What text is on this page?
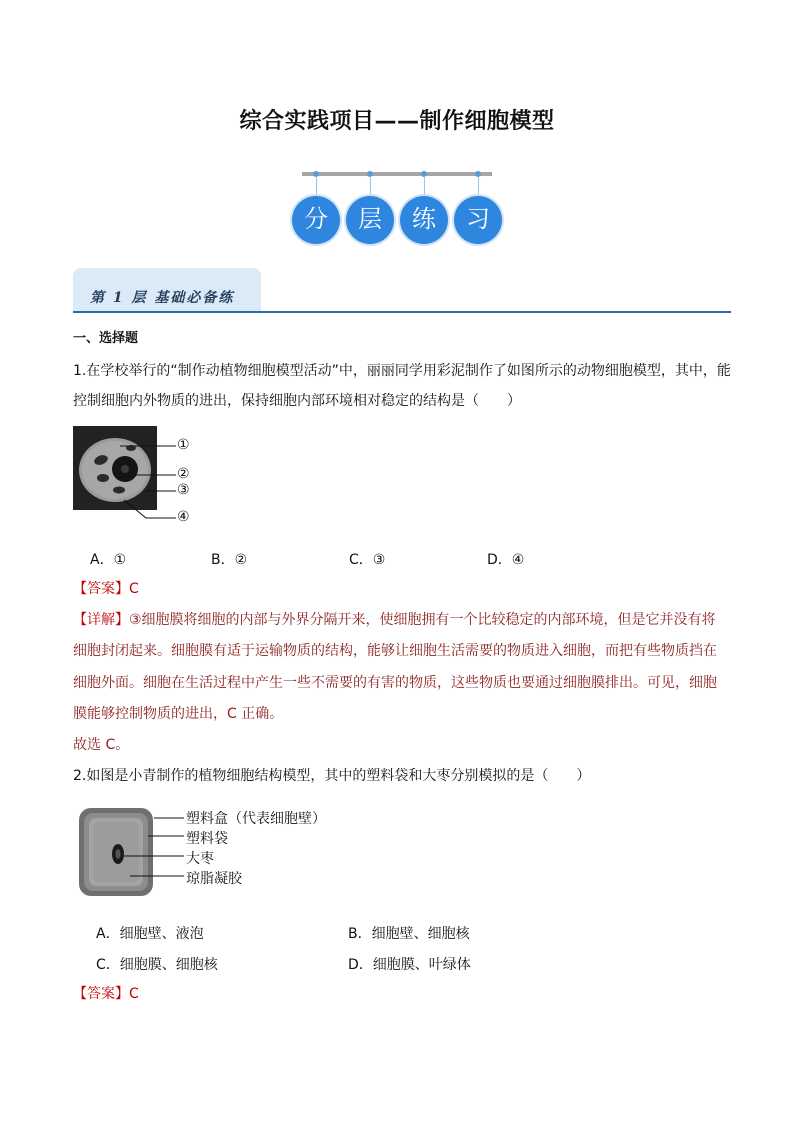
综合实践项目——制作细胞模型
分	层	练	习
第 1 层 基础必备练
一、选择题
1.在学校举行的“制作动植物细胞模型活动”中，丽丽同学用彩泥制作了如图所示的动物细胞模型，其中，能
控制细胞内外物质的进出，保持细胞内部环境相对稳定的结构是（　　）
①
②
③
④
A．①	B．②	C．③	D．④
【答案】C
【详解】③细胞膜将细胞的内部与外界分隔开来，使细胞拥有一个比较稳定的内部环境，但是它并没有将
细胞封闭起来。细胞膜有适于运输物质的结构，能够让细胞生活需要的物质进入细胞，而把有些物质挡在
细胞外面。细胞在生活过程中产生一些不需要的有害的物质，这些物质也要通过细胞膜排出。可见，细胞
膜能够控制物质的进出，C 正确。
故选 C。
2.如图是小青制作的植物细胞结构模型，其中的塑料袋和大枣分别模拟的是（　　）
塑料盒（代表细胞壁）
塑料袋
大枣
琼脂凝胶
A．细胞壁、液泡	B．细胞壁、细胞核
C．细胞膜、细胞核	D．细胞膜、叶绿体
【答案】C
